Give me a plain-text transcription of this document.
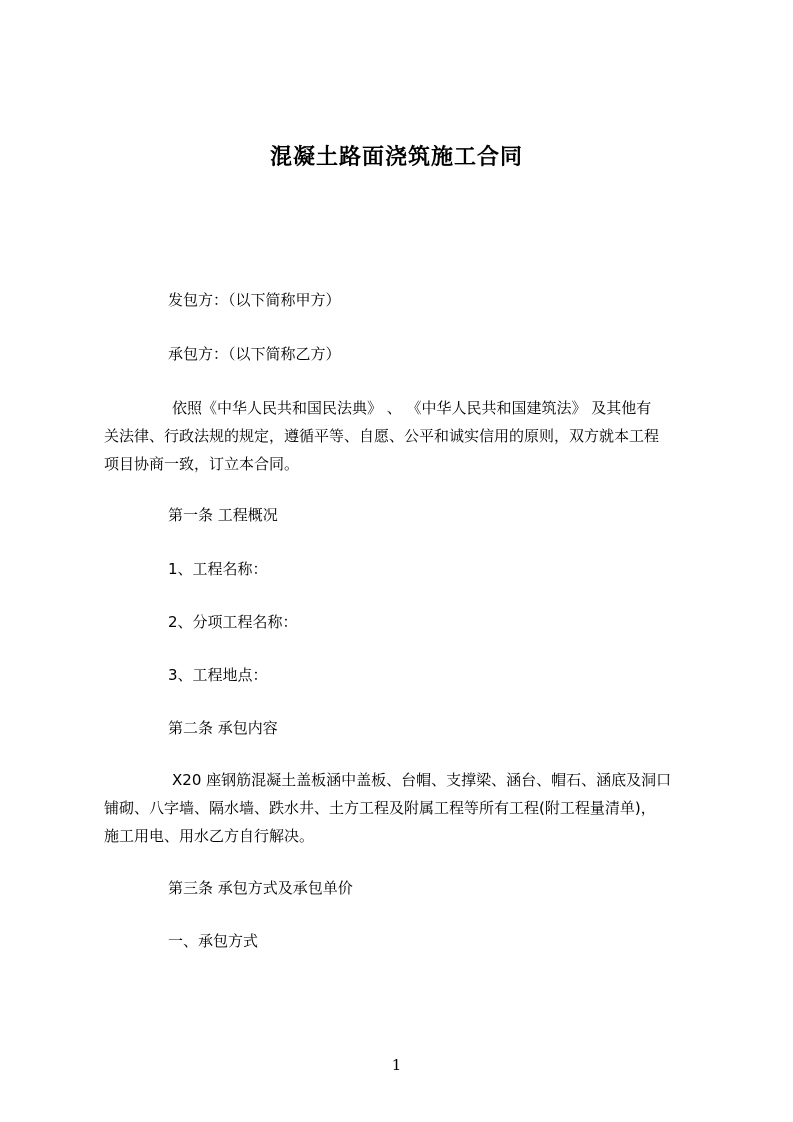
混凝土路面浇筑施工合同
发包方：（以下简称甲方）
承包方：（以下简称乙方）
依照《中华人民共和国民法典》 、 《中华人民共和国建筑法》 及其他有
关法律、行政法规的规定，遵循平等、自愿、公平和诚实信用的原则，双方就本工程
项目协商一致，订立本合同。
第一条 工程概况
1、工程名称：
2、分项工程名称：
3、工程地点：
第二条 承包内容
X20 座钢筋混凝土盖板涵中盖板、台帽、支撑梁、涵台、帽石、涵底及洞口
铺砌、八字墙、隔水墙、跌水井、土方工程及附属工程等所有工程(附工程量清单)，
施工用电、用水乙方自行解决。
第三条 承包方式及承包单价
一、承包方式
1
